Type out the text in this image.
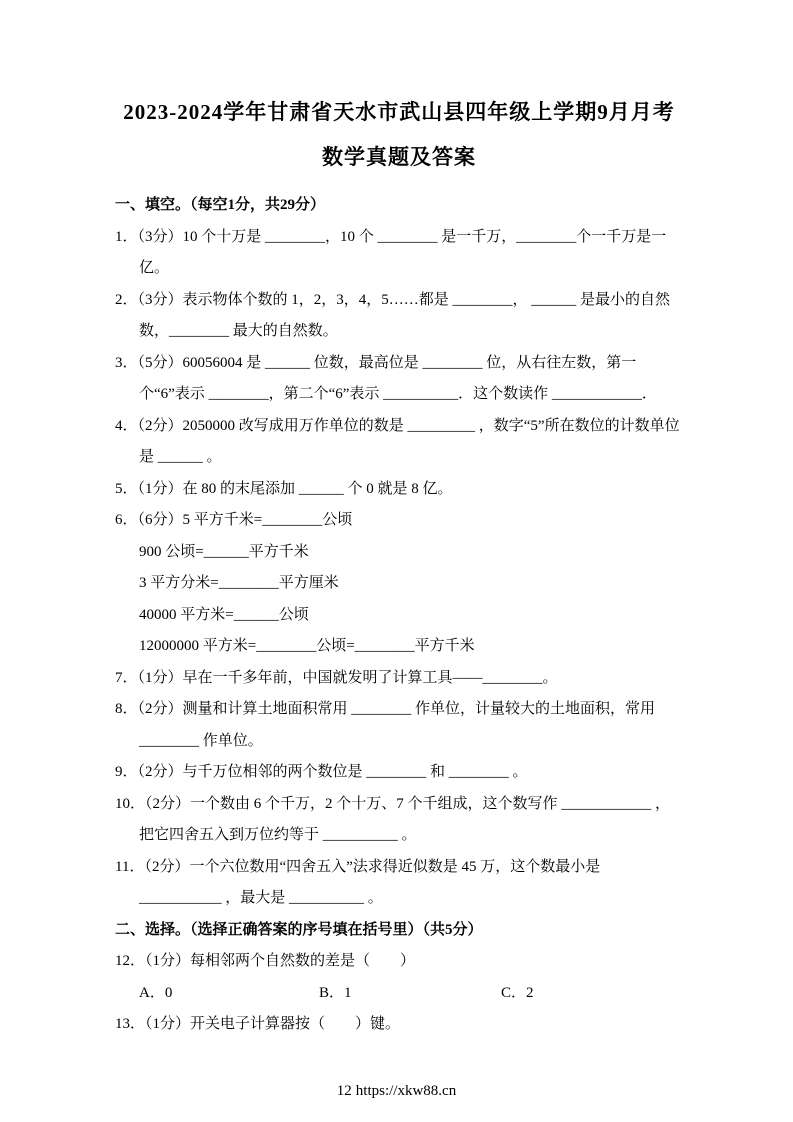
2023-2024学年甘肃省天水市武山县四年级上学期9月月考
数学真题及答案

一、填空。（每空1分，共29分）

1．（3分）10 个十万是 ________，10 个 ________ 是一千万，________个一千万是一亿。

2．（3分）表示物体个数的 1，2，3，4，5……都是 ________， ______ 是最小的自然数，________ 最大的自然数。

3．（5分）60056004 是 ______ 位数，最高位是 ________ 位，从右往左数，第一个“6”表示 ________，第二个“6”表示 __________．这个数读作 ____________．

4．（2分）2050000 改写成用万作单位的数是 _________ ，数字“5”所在数位的计数单位是 ______ 。

5．（1分）在 80 的末尾添加 ______ 个 0 就是 8 亿。

6．（6分）5 平方千米=________公顷

900 公顷=______平方千米

3 平方分米=________平方厘米

40000 平方米=______公顷

12000000 平方米=________公顷=________平方千米

7．（1分）早在一千多年前，中国就发明了计算工具——________。

8．（2分）测量和计算土地面积常用 ________ 作单位，计量较大的土地面积，常用 ________ 作单位。

9．（2分）与千万位相邻的两个数位是 ________ 和 ________ 。

10．（2分）一个数由 6 个千万，2 个十万、7 个千组成，这个数写作 ____________ ，把它四舍五入到万位约等于 __________ 。

11．（2分）一个六位数用“四舍五入”法求得近似数是 45 万，这个数最小是 ___________ ，最大是 __________ 。

二、选择。（选择正确答案的序号填在括号里）（共5分）

12．（1分）每相邻两个自然数的差是（　　）

A．0	B．1	C．2

13．（1分）开关电子计算器按（　　）键。

12 https://xkw88.cn
